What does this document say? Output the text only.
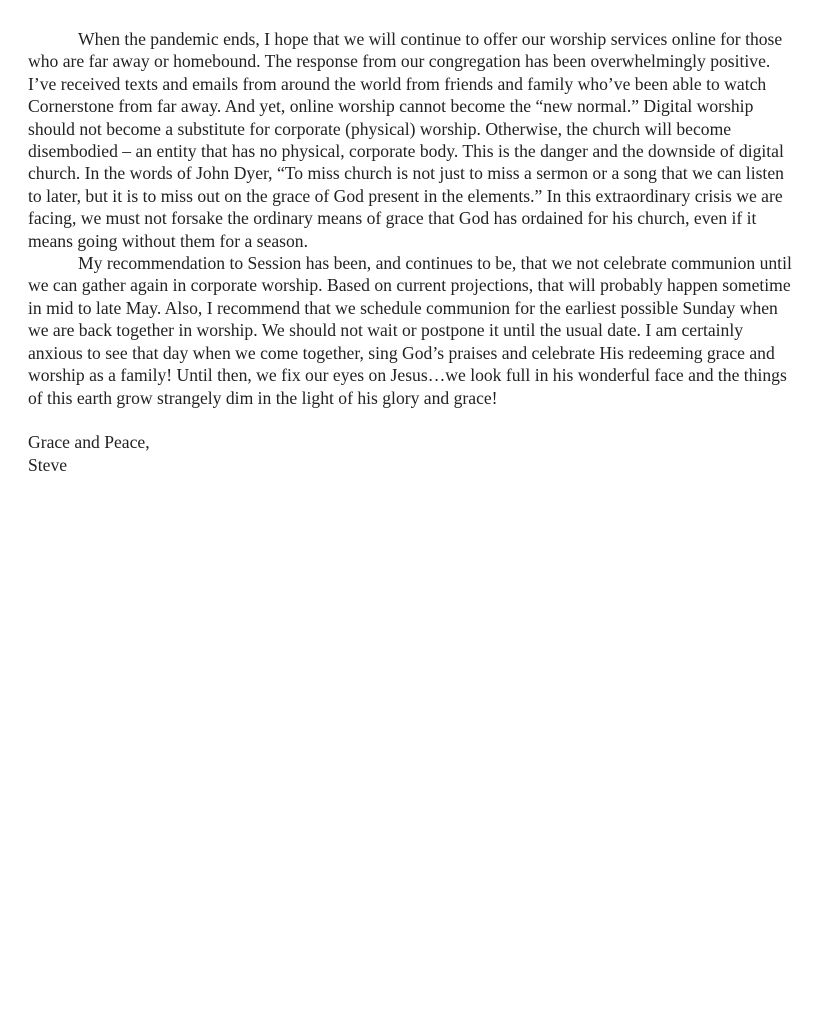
When the pandemic ends, I hope that we will continue to offer our worship services online for those who are far away or homebound. The response from our congregation has been overwhelmingly positive. I’ve received texts and emails from around the world from friends and family who’ve been able to watch Cornerstone from far away. And yet, online worship cannot become the “new normal.” Digital worship should not become a substitute for corporate (physical) worship. Otherwise, the church will become disembodied – an entity that has no physical, corporate body. This is the danger and the downside of digital church. In the words of John Dyer, “To miss church is not just to miss a sermon or a song that we can listen to later, but it is to miss out on the grace of God present in the elements.” In this extraordinary crisis we are facing, we must not forsake the ordinary means of grace that God has ordained for his church, even if it means going without them for a season.

My recommendation to Session has been, and continues to be, that we not celebrate communion until we can gather again in corporate worship. Based on current projections, that will probably happen sometime in mid to late May. Also, I recommend that we schedule communion for the earliest possible Sunday when we are back together in worship. We should not wait or postpone it until the usual date. I am certainly anxious to see that day when we come together, sing God’s praises and celebrate His redeeming grace and worship as a family! Until then, we fix our eyes on Jesus…we look full in his wonderful face and the things of this earth grow strangely dim in the light of his glory and grace!

Grace and Peace,
Steve
